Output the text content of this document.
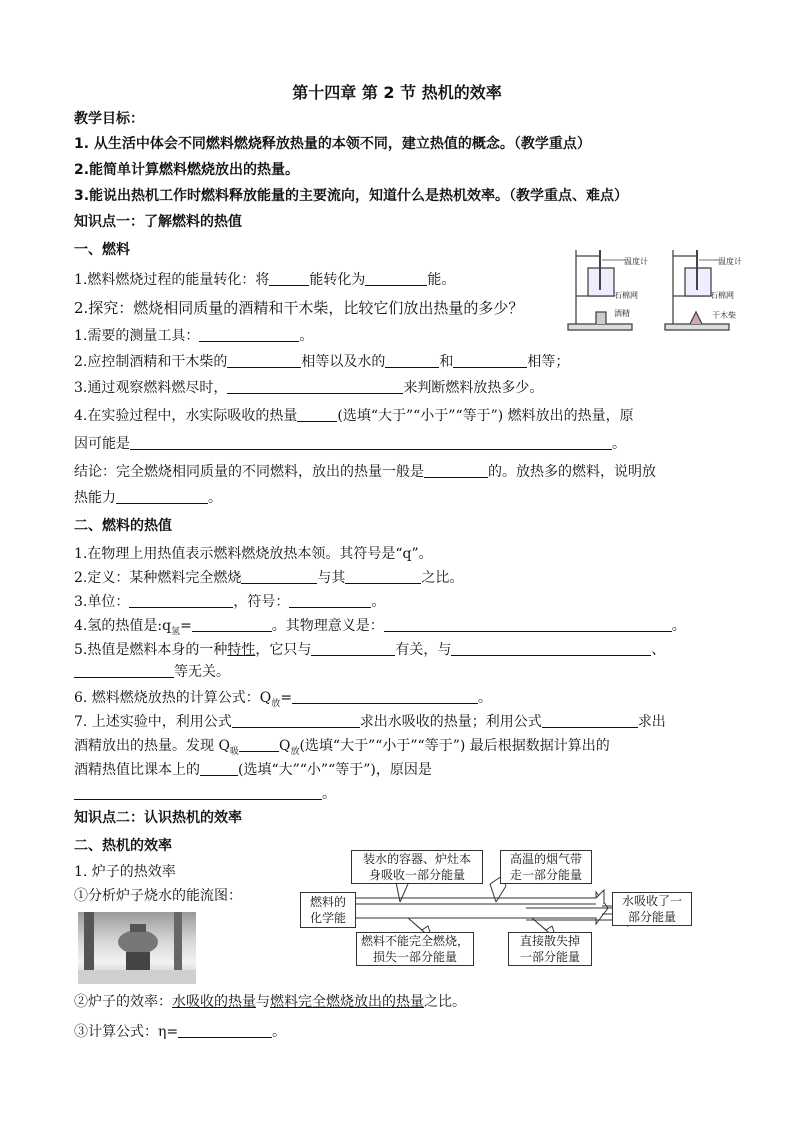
第十四章 第 2 节 热机的效率
教学目标：
1. 从生活中体会不同燃料燃烧释放热量的本领不同，建立热值的概念。（教学重点）
2.能简单计算燃料燃烧放出的热量。
3.能说出热机工作时燃料释放能量的主要流向，知道什么是热机效率。（教学重点、难点）
知识点一：了解燃料的热值
一、燃料
1.燃料燃烧过程的能量转化：将	能转化为	能。
2.探究：燃烧相同质量的酒精和干木柴，比较它们放出热量的多少？
1.需要的测量工具：	。
2.应控制酒精和干木柴的	相等以及水的	和	相等；
3.通过观察燃料燃尽时，	来判断燃料放热多少。
4.在实验过程中，水实际吸收的热量	(选填“大于”“小于”“等于”) 燃料放出的热量，原
因可能是	。
结论：完全燃烧相同质量的不同燃料，放出的热量一般是	的。放热多的燃料，说明放
热能力	。
温度计
石棉网
酒精
温度计
石棉网
干木柴
二、燃料的热值
1.在物理上用热值表示燃料燃烧放热本领。其符号是“q”。
2.定义：某种燃料完全燃烧	与其	之比。
3.单位：	，符号：	。
4.氢的热值是$:q_氢=$	。其物理意义是：	。
5.热值是燃料本身的一种特性，它只与	有关，与	、
等无关。
6. 燃料燃烧放热的计算公式：$Q_放=$	。
7. 上述实验中，利用公式	求出水吸收的热量；利用公式	求出
酒精放出的热量。发现 $Q_吸$	$Q_放$(选填“大于”“小于”“等于”) 最后根据数据计算出的
酒精热值比课本上的	(选填“大”“小”“等于”)，原因是
。
知识点二：认识热机的效率
二、热机的效率
1. 炉子的热效率
①分析炉子烧水的能流图：	燃料的
化学能
装水的容器、炉灶本
身吸收一部分能量
高温的烟气带
走一部分能量
燃料不能完全燃烧，
损失一部分能量
直接散失掉
一部分能量
水吸收了一
部分能量
②炉子的效率：水吸收的热量与燃料完全燃烧放出的热量之比。
③计算公式：η=	。
